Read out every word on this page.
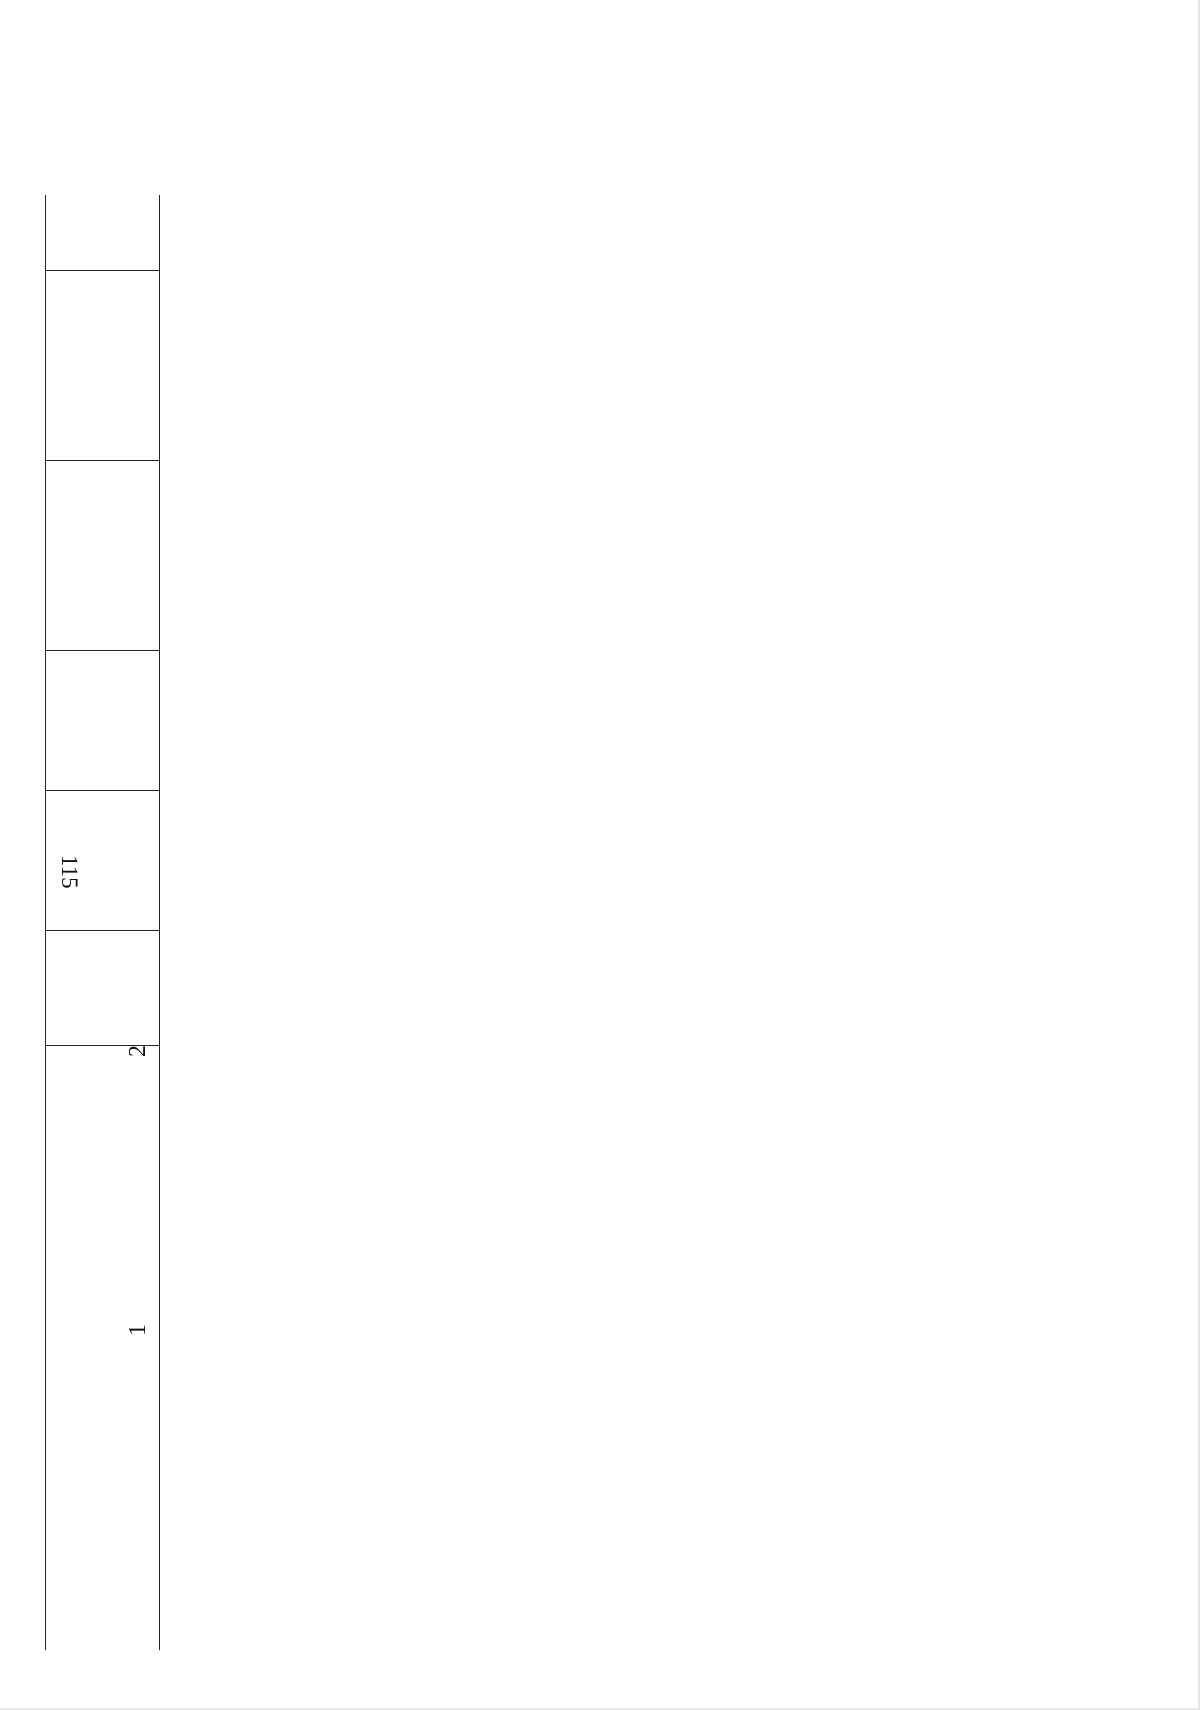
115
1
2
